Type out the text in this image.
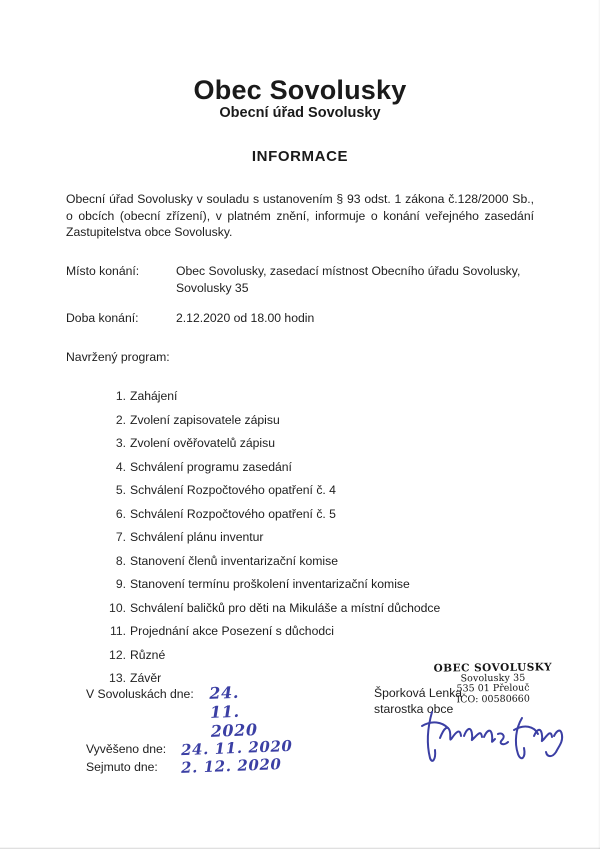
Obec Sovolusky
Obecní úřad Sovolusky
INFORMACE
Obecní úřad Sovolusky v souladu s ustanovením § 93 odst. 1 zákona č.128/2000 Sb., o obcích (obecní zřízení), v platném znění, informuje o konání veřejného zasedání Zastupitelstva obce Sovolusky.
Místo konání:	Obec Sovolusky, zasedací místnost Obecního úřadu Sovolusky, Sovolusky 35
Doba konání:	2.12.2020 od 18.00 hodin
Navržený program:
1. Zahájení
2. Zvolení zapisovatele zápisu
3. Zvolení ověřovatelů zápisu
4. Schválení programu zasedání
5. Schválení Rozpočtového opatření č. 4
6. Schválení Rozpočtového opatření č. 5
7. Schválení plánu inventur
8. Stanovení členů inventarizační komise
9. Stanovení termínu proškolení inventarizační komise
10. Schválení baličků pro děti na Mikuláše a místní důchodce
11. Projednání akce Posezení s důchodci
12. Různé
13. Závěr
V Sovoluskách dne: 24. 11. 2020
Vyvěšeno dne: 24. 11. 2020
Sejmuto dne:	2. 12. 2020
Šporková Lenka
starostka obce
OBEC SOVOLUSKY
Sovolusky 35
535 01 Přelouč
IČO: 00580660
